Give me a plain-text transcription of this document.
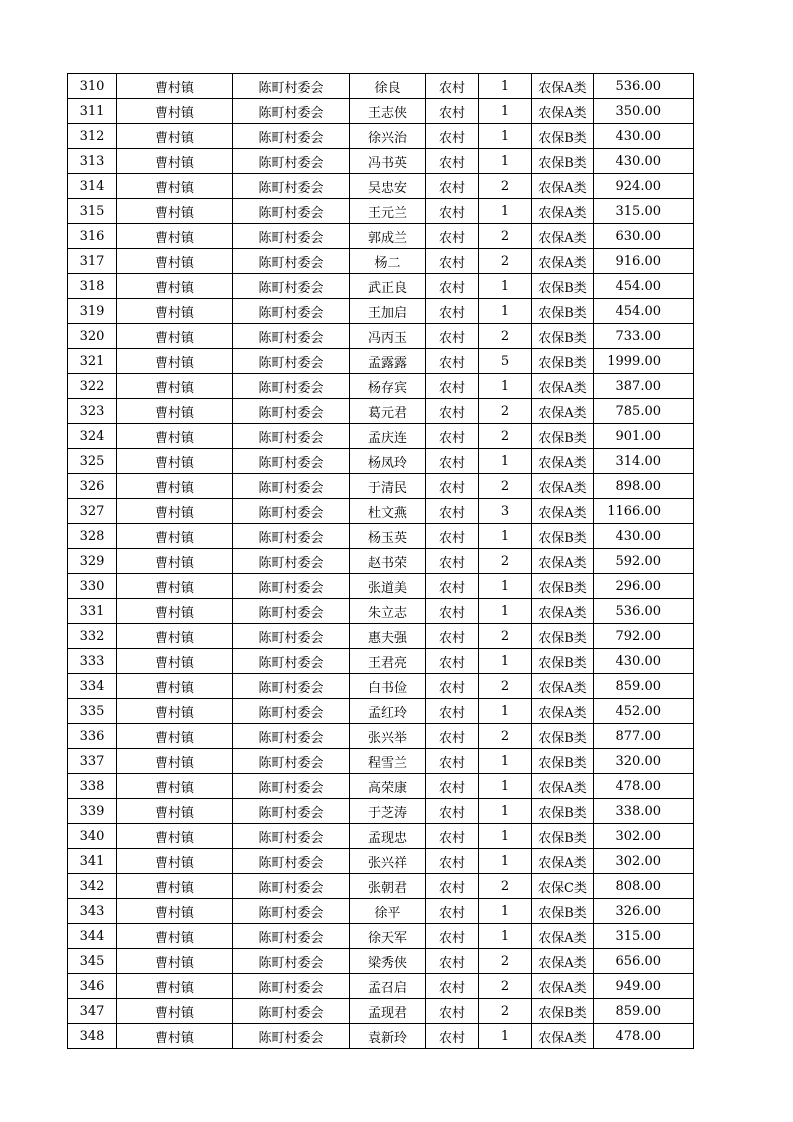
310	曹村镇	陈町村委会	徐良	农村	1	农保A类	536.00
311	曹村镇	陈町村委会	王志侠	农村	1	农保A类	350.00
312	曹村镇	陈町村委会	徐兴治	农村	1	农保B类	430.00
313	曹村镇	陈町村委会	冯书英	农村	1	农保B类	430.00
314	曹村镇	陈町村委会	吴忠安	农村	2	农保A类	924.00
315	曹村镇	陈町村委会	王元兰	农村	1	农保A类	315.00
316	曹村镇	陈町村委会	郭成兰	农村	2	农保A类	630.00
317	曹村镇	陈町村委会	杨二	农村	2	农保A类	916.00
318	曹村镇	陈町村委会	武正良	农村	1	农保B类	454.00
319	曹村镇	陈町村委会	王加启	农村	1	农保B类	454.00
320	曹村镇	陈町村委会	冯丙玉	农村	2	农保B类	733.00
321	曹村镇	陈町村委会	孟露露	农村	5	农保B类	1999.00
322	曹村镇	陈町村委会	杨存宾	农村	1	农保A类	387.00
323	曹村镇	陈町村委会	葛元君	农村	2	农保A类	785.00
324	曹村镇	陈町村委会	孟庆连	农村	2	农保B类	901.00
325	曹村镇	陈町村委会	杨凤玲	农村	1	农保A类	314.00
326	曹村镇	陈町村委会	于清民	农村	2	农保A类	898.00
327	曹村镇	陈町村委会	杜文燕	农村	3	农保A类	1166.00
328	曹村镇	陈町村委会	杨玉英	农村	1	农保B类	430.00
329	曹村镇	陈町村委会	赵书荣	农村	2	农保A类	592.00
330	曹村镇	陈町村委会	张道美	农村	1	农保B类	296.00
331	曹村镇	陈町村委会	朱立志	农村	1	农保A类	536.00
332	曹村镇	陈町村委会	惠夫强	农村	2	农保B类	792.00
333	曹村镇	陈町村委会	王君亮	农村	1	农保B类	430.00
334	曹村镇	陈町村委会	白书俭	农村	2	农保A类	859.00
335	曹村镇	陈町村委会	孟红玲	农村	1	农保A类	452.00
336	曹村镇	陈町村委会	张兴举	农村	2	农保B类	877.00
337	曹村镇	陈町村委会	程雪兰	农村	1	农保B类	320.00
338	曹村镇	陈町村委会	高荣康	农村	1	农保A类	478.00
339	曹村镇	陈町村委会	于芝涛	农村	1	农保B类	338.00
340	曹村镇	陈町村委会	孟现忠	农村	1	农保B类	302.00
341	曹村镇	陈町村委会	张兴祥	农村	1	农保A类	302.00
342	曹村镇	陈町村委会	张朝君	农村	2	农保C类	808.00
343	曹村镇	陈町村委会	徐平	农村	1	农保B类	326.00
344	曹村镇	陈町村委会	徐天军	农村	1	农保A类	315.00
345	曹村镇	陈町村委会	梁秀侠	农村	2	农保A类	656.00
346	曹村镇	陈町村委会	孟召启	农村	2	农保A类	949.00
347	曹村镇	陈町村委会	孟现君	农村	2	农保B类	859.00
348	曹村镇	陈町村委会	袁新玲	农村	1	农保A类	478.00
